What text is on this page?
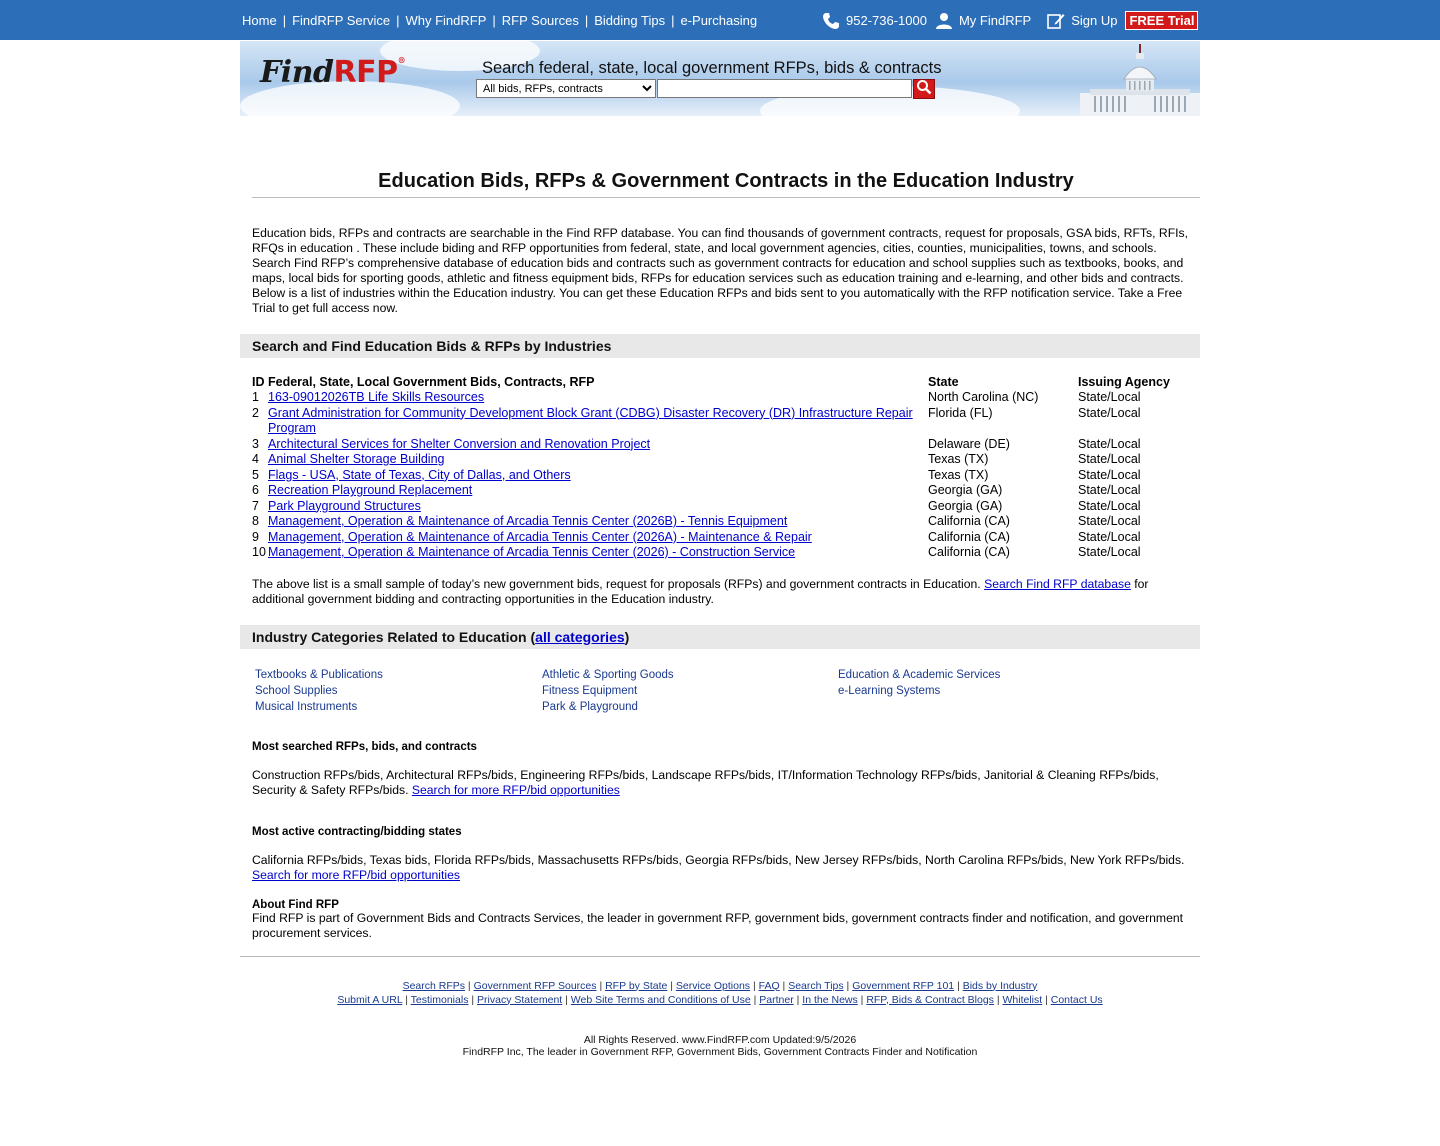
Home | FindRFP Service | Why FindRFP | RFP Sources | Bidding Tips | e-Purchasing	952-736-1000 My FindRFP	Sign Up FREE Trial
FindRFP®	Search federal, state, local government RFPs, bids & contracts
All bids, RFPs, contracts
Education Bids, RFPs & Government Contracts in the Education Industry
Education bids, RFPs and contracts are searchable in the Find RFP database. You can find thousands of government contracts, request for proposals, GSA bids, RFTs, RFIs, RFQs in education . These include biding and RFP opportunities from federal, state, and local government agencies, cities, counties, municipalities, towns, and schools. Search Find RFP’s comprehensive database of education bids and contracts such as government contracts for education and school supplies such as textbooks, books, and maps, local bids for sporting goods, athletic and fitness equipment bids, RFPs for education services such as education training and e-learning, and other bids and contracts. Below is a list of industries within the Education industry. You can get these Education RFPs and bids sent to you automatically with the RFP notification service. Take a Free Trial to get full access now.
Search and Find Education Bids & RFPs by Industries
ID	Federal, State, Local Government Bids, Contracts, RFP	State	Issuing Agency
1	163-09012026TB Life Skills Resources	North Carolina (NC)	State/Local
2	Grant Administration for Community Development Block Grant (CDBG) Disaster Recovery (DR) Infrastructure Repair Program	Florida (FL)	State/Local
3	Architectural Services for Shelter Conversion and Renovation Project	Delaware (DE)	State/Local
4	Animal Shelter Storage Building	Texas (TX)	State/Local
5	Flags - USA, State of Texas, City of Dallas, and Others	Texas (TX)	State/Local
6	Recreation Playground Replacement	Georgia (GA)	State/Local
7	Park Playground Structures	Georgia (GA)	State/Local
8	Management, Operation & Maintenance of Arcadia Tennis Center (2026B) - Tennis Equipment	California (CA)	State/Local
9	Management, Operation & Maintenance of Arcadia Tennis Center (2026A) - Maintenance & Repair	California (CA)	State/Local
10	Management, Operation & Maintenance of Arcadia Tennis Center (2026) - Construction Service	California (CA)	State/Local
The above list is a small sample of today’s new government bids, request for proposals (RFPs) and government contracts in Education. Search Find RFP database for additional government bidding and contracting opportunities in the Education industry.
Industry Categories Related to Education (all categories)
Textbooks & Publications	Athletic & Sporting Goods	Education & Academic Services
School Supplies	Fitness Equipment	e-Learning Systems
Musical Instruments	Park & Playground
Most searched RFPs, bids, and contracts
Construction RFPs/bids, Architectural RFPs/bids, Engineering RFPs/bids, Landscape RFPs/bids, IT/Information Technology RFPs/bids, Janitorial & Cleaning RFPs/bids, Security & Safety RFPs/bids. Search for more RFP/bid opportunities
Most active contracting/bidding states
California RFPs/bids, Texas bids, Florida RFPs/bids, Massachusetts RFPs/bids, Georgia RFPs/bids, New Jersey RFPs/bids, North Carolina RFPs/bids, New York RFPs/bids. Search for more RFP/bid opportunities
About Find RFP
Find RFP is part of Government Bids and Contracts Services, the leader in government RFP, government bids, government contracts finder and notification, and government procurement services.
Search RFPs | Government RFP Sources | RFP by State | Service Options | FAQ | Search Tips | Government RFP 101 | Bids by Industry
Submit A URL | Testimonials | Privacy Statement | Web Site Terms and Conditions of Use | Partner | In the News | RFP, Bids & Contract Blogs | Whitelist | Contact Us
All Rights Reserved. www.FindRFP.com Updated:9/5/2026
FindRFP Inc, The leader in Government RFP, Government Bids, Government Contracts Finder and Notification
